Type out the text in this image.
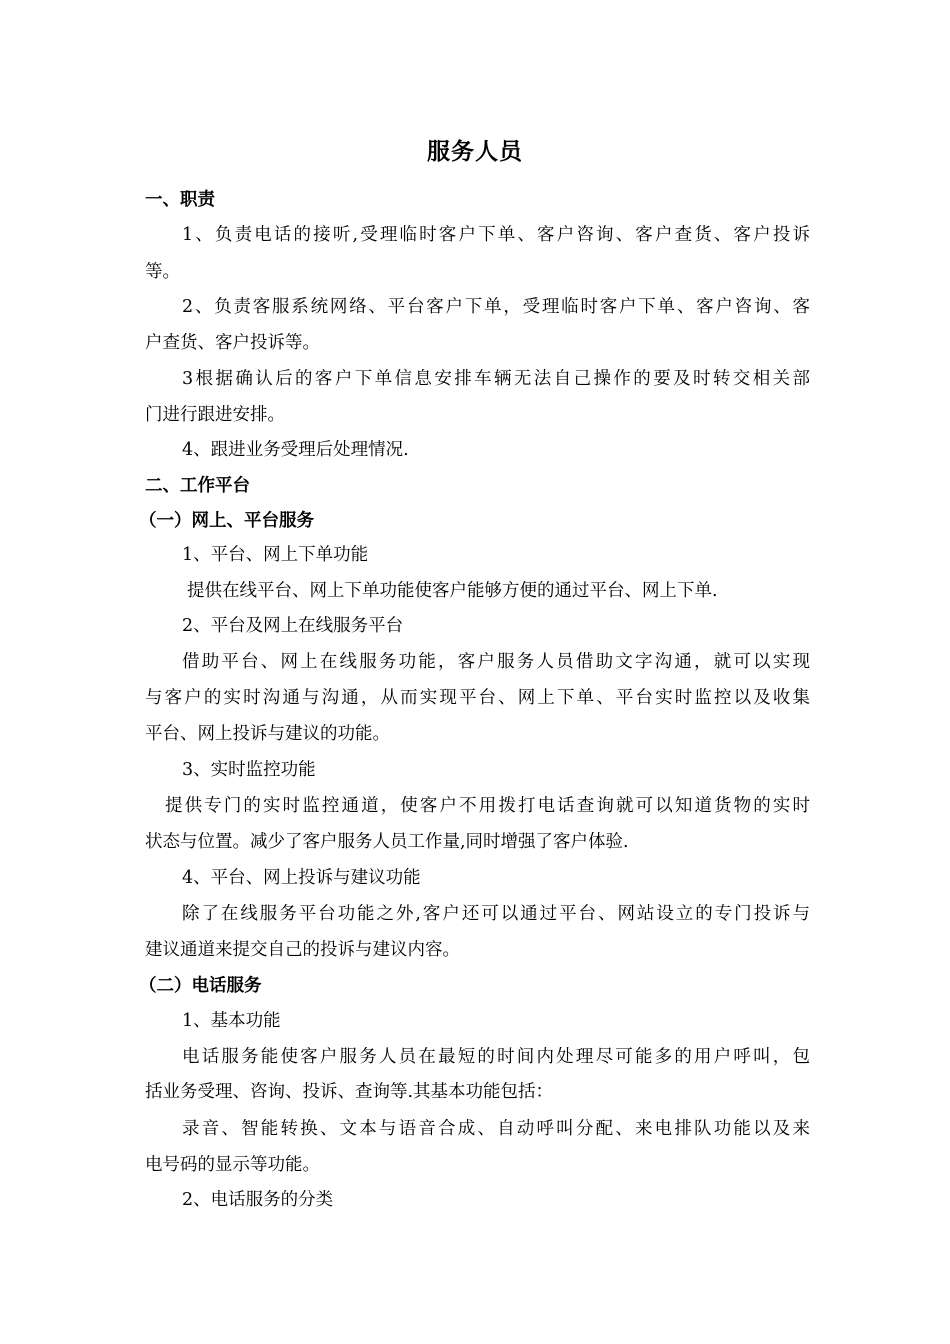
服务人员
一、职责
1、负责电话的接听,受理临时客户下单、客户咨询、客户查货、客户投诉
等。
2、负责客服系统网络、平台客户下单，受理临时客户下单、客户咨询、客
户查货、客户投诉等。
3根据确认后的客户下单信息安排车辆无法自己操作的要及时转交相关部
门进行跟进安排。
4、跟进业务受理后处理情况.
二、工作平台
（一）网上、平台服务
1、平台、网上下单功能
提供在线平台、网上下单功能使客户能够方便的通过平台、网上下单.
2、平台及网上在线服务平台
借助平台、网上在线服务功能，客户服务人员借助文字沟通，就可以实现
与客户的实时沟通与沟通，从而实现平台、网上下单、平台实时监控以及收集
平台、网上投诉与建议的功能。
3、实时监控功能
提供专门的实时监控通道，使客户不用拨打电话查询就可以知道货物的实时
状态与位置。减少了客户服务人员工作量,同时增强了客户体验.
4、平台、网上投诉与建议功能
除了在线服务平台功能之外,客户还可以通过平台、网站设立的专门投诉与
建议通道来提交自己的投诉与建议内容。
（二）电话服务
1、基本功能
电话服务能使客户服务人员在最短的时间内处理尽可能多的用户呼叫，包
括业务受理、咨询、投诉、查询等.其基本功能包括：
录音、智能转换、文本与语音合成、自动呼叫分配、来电排队功能以及来
电号码的显示等功能。
2、电话服务的分类
